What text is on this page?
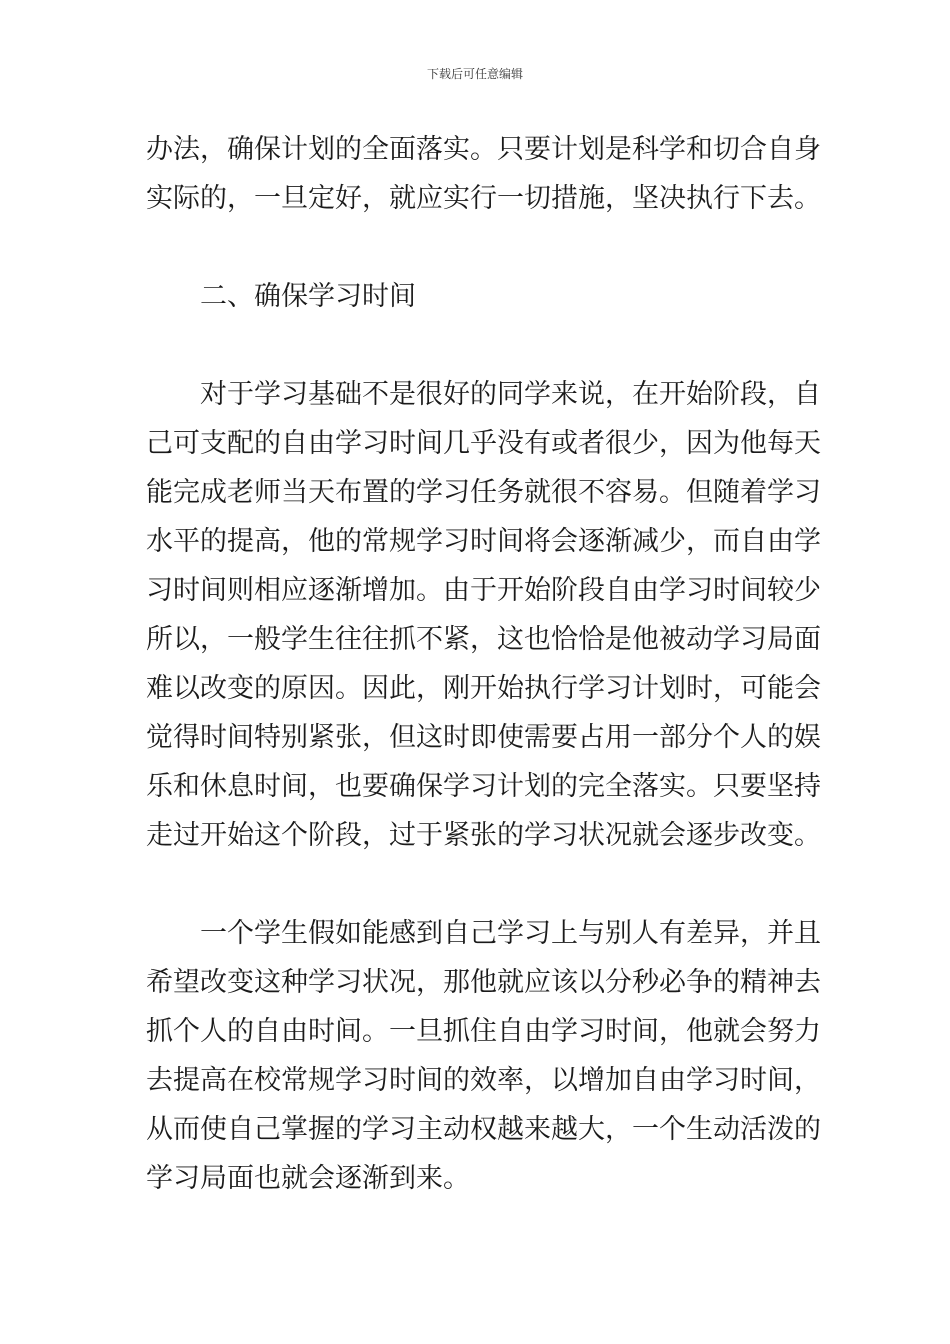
下载后可任意编辑
办法，确保计划的全面落实。只要计划是科学和切合自身
实际的，一旦定好，就应实行一切措施，坚决执行下去。
二、确保学习时间
对于学习基础不是很好的同学来说，在开始阶段，自
己可支配的自由学习时间几乎没有或者很少，因为他每天
能完成老师当天布置的学习任务就很不容易。但随着学习
水平的提高，他的常规学习时间将会逐渐减少，而自由学
习时间则相应逐渐增加。由于开始阶段自由学习时间较少
所以，一般学生往往抓不紧，这也恰恰是他被动学习局面
难以改变的原因。因此，刚开始执行学习计划时，可能会
觉得时间特别紧张，但这时即使需要占用一部分个人的娱
乐和休息时间，也要确保学习计划的完全落实。只要坚持
走过开始这个阶段，过于紧张的学习状况就会逐步改变。
一个学生假如能感到自己学习上与别人有差异，并且
希望改变这种学习状况，那他就应该以分秒必争的精神去
抓个人的自由时间。一旦抓住自由学习时间，他就会努力
去提高在校常规学习时间的效率，以增加自由学习时间，
从而使自己掌握的学习主动权越来越大，一个生动活泼的
学习局面也就会逐渐到来。
